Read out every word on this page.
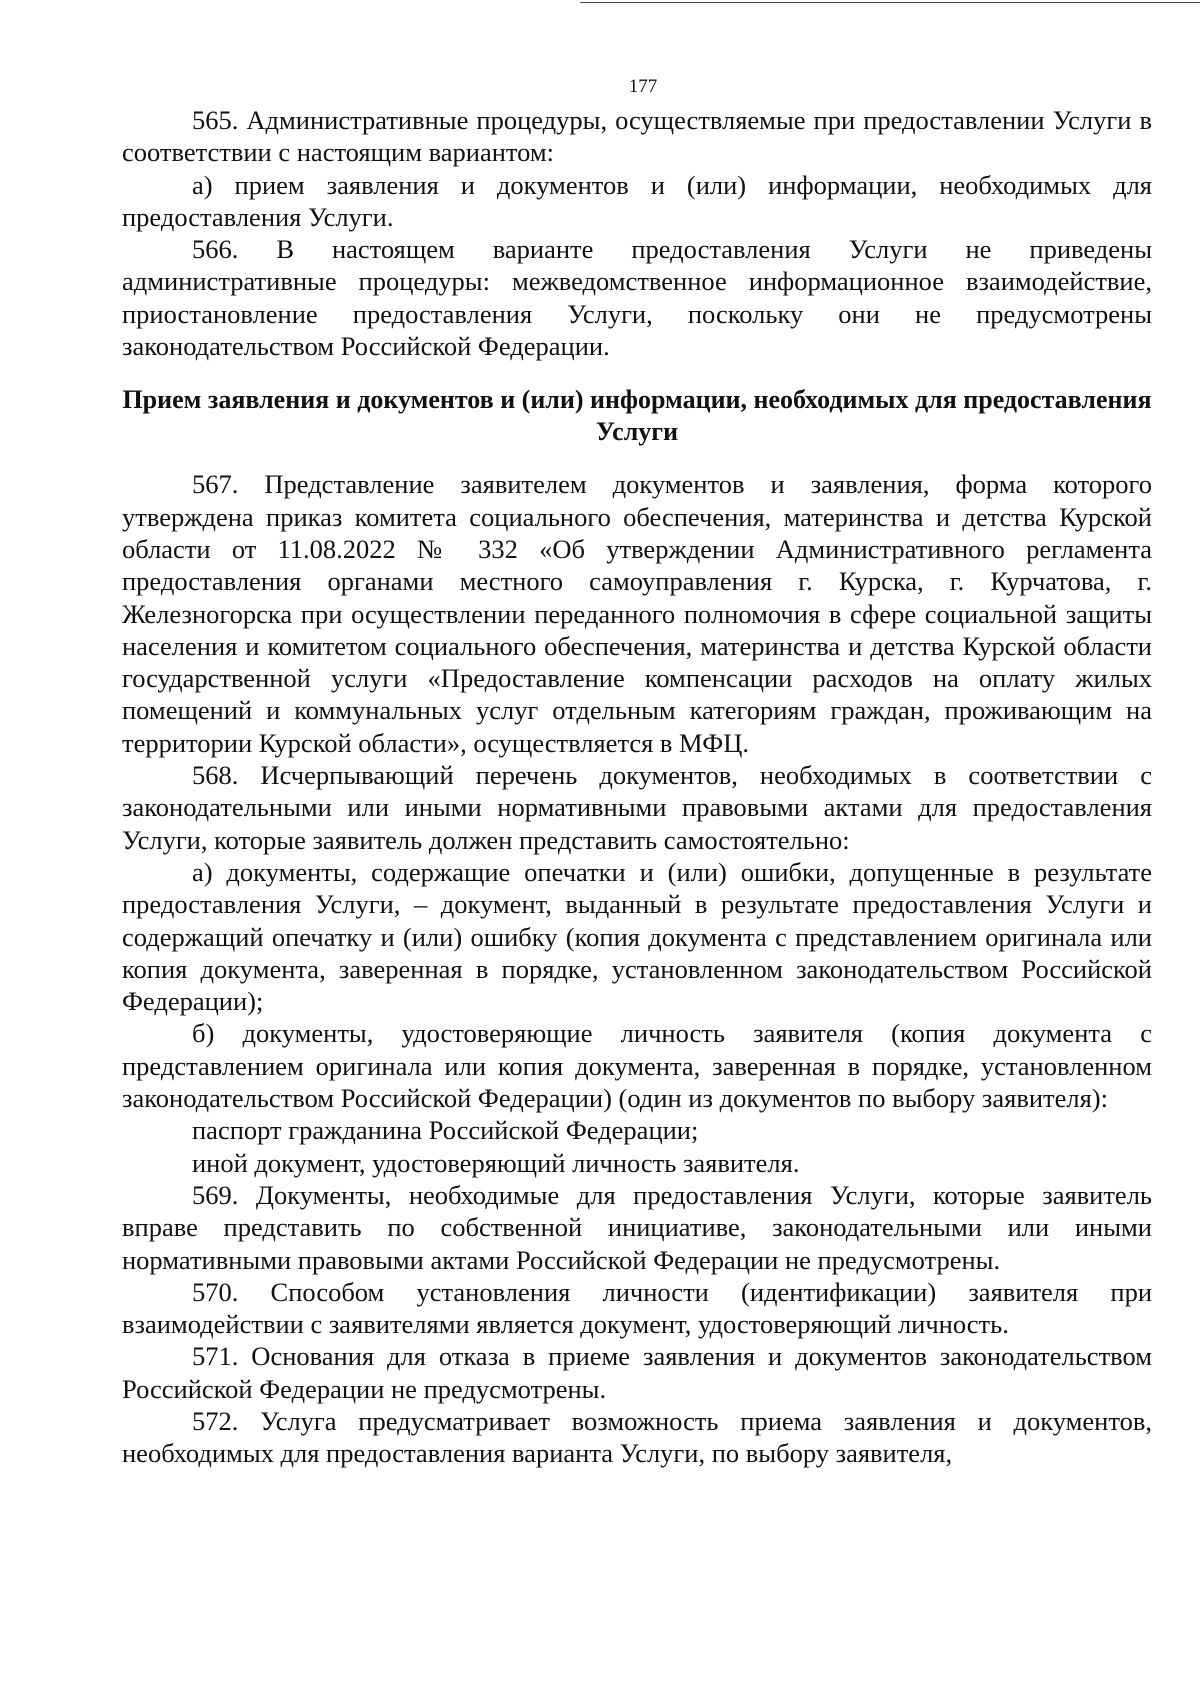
177

565. Административные процедуры, осуществляемые при предоставлении Услуги в соответствии с настоящим вариантом:

а) прием заявления и документов и (или) информации, необходимых для предоставления Услуги.

566. В настоящем варианте предоставления Услуги не приведены административные процедуры: межведомственное информационное взаимодействие, приостановление предоставления Услуги, поскольку они не предусмотрены законодательством Российской Федерации.

Прием заявления и документов и (или) информации, необходимых для предоставления Услуги

567. Представление заявителем документов и заявления, форма которого утверждена приказ комитета социального обеспечения, материнства и детства Курской области от 11.08.2022 № 332 «Об утверждении Административного регламента предоставления органами местного самоуправления г. Курска, г. Курчатова, г. Железногорска при осуществлении переданного полномочия в сфере социальной защиты населения и комитетом социального обеспечения, материнства и детства Курской области государственной услуги «Предоставление компенсации расходов на оплату жилых помещений и коммунальных услуг отдельным категориям граждан, проживающим на территории Курской области», осуществляется в МФЦ.

568. Исчерпывающий перечень документов, необходимых в соответствии с законодательными или иными нормативными правовыми актами для предоставления Услуги, которые заявитель должен представить самостоятельно:

а) документы, содержащие опечатки и (или) ошибки, допущенные в результате предоставления Услуги, – документ, выданный в результате предоставления Услуги и содержащий опечатку и (или) ошибку (копия документа с представлением оригинала или копия документа, заверенная в порядке, установленном законодательством Российской Федерации);

б) документы, удостоверяющие личность заявителя (копия документа с представлением оригинала или копия документа, заверенная в порядке, установленном законодательством Российской Федерации) (один из документов по выбору заявителя):

паспорт гражданина Российской Федерации;

иной документ, удостоверяющий личность заявителя.

569. Документы, необходимые для предоставления Услуги, которые заявитель вправе представить по собственной инициативе, законодательными или иными нормативными правовыми актами Российской Федерации не предусмотрены.

570. Способом установления личности (идентификации) заявителя при взаимодействии с заявителями является документ, удостоверяющий личность.

571. Основания для отказа в приеме заявления и документов законодательством Российской Федерации не предусмотрены.

572. Услуга предусматривает возможность приема заявления и документов, необходимых для предоставления варианта Услуги, по выбору заявителя,
